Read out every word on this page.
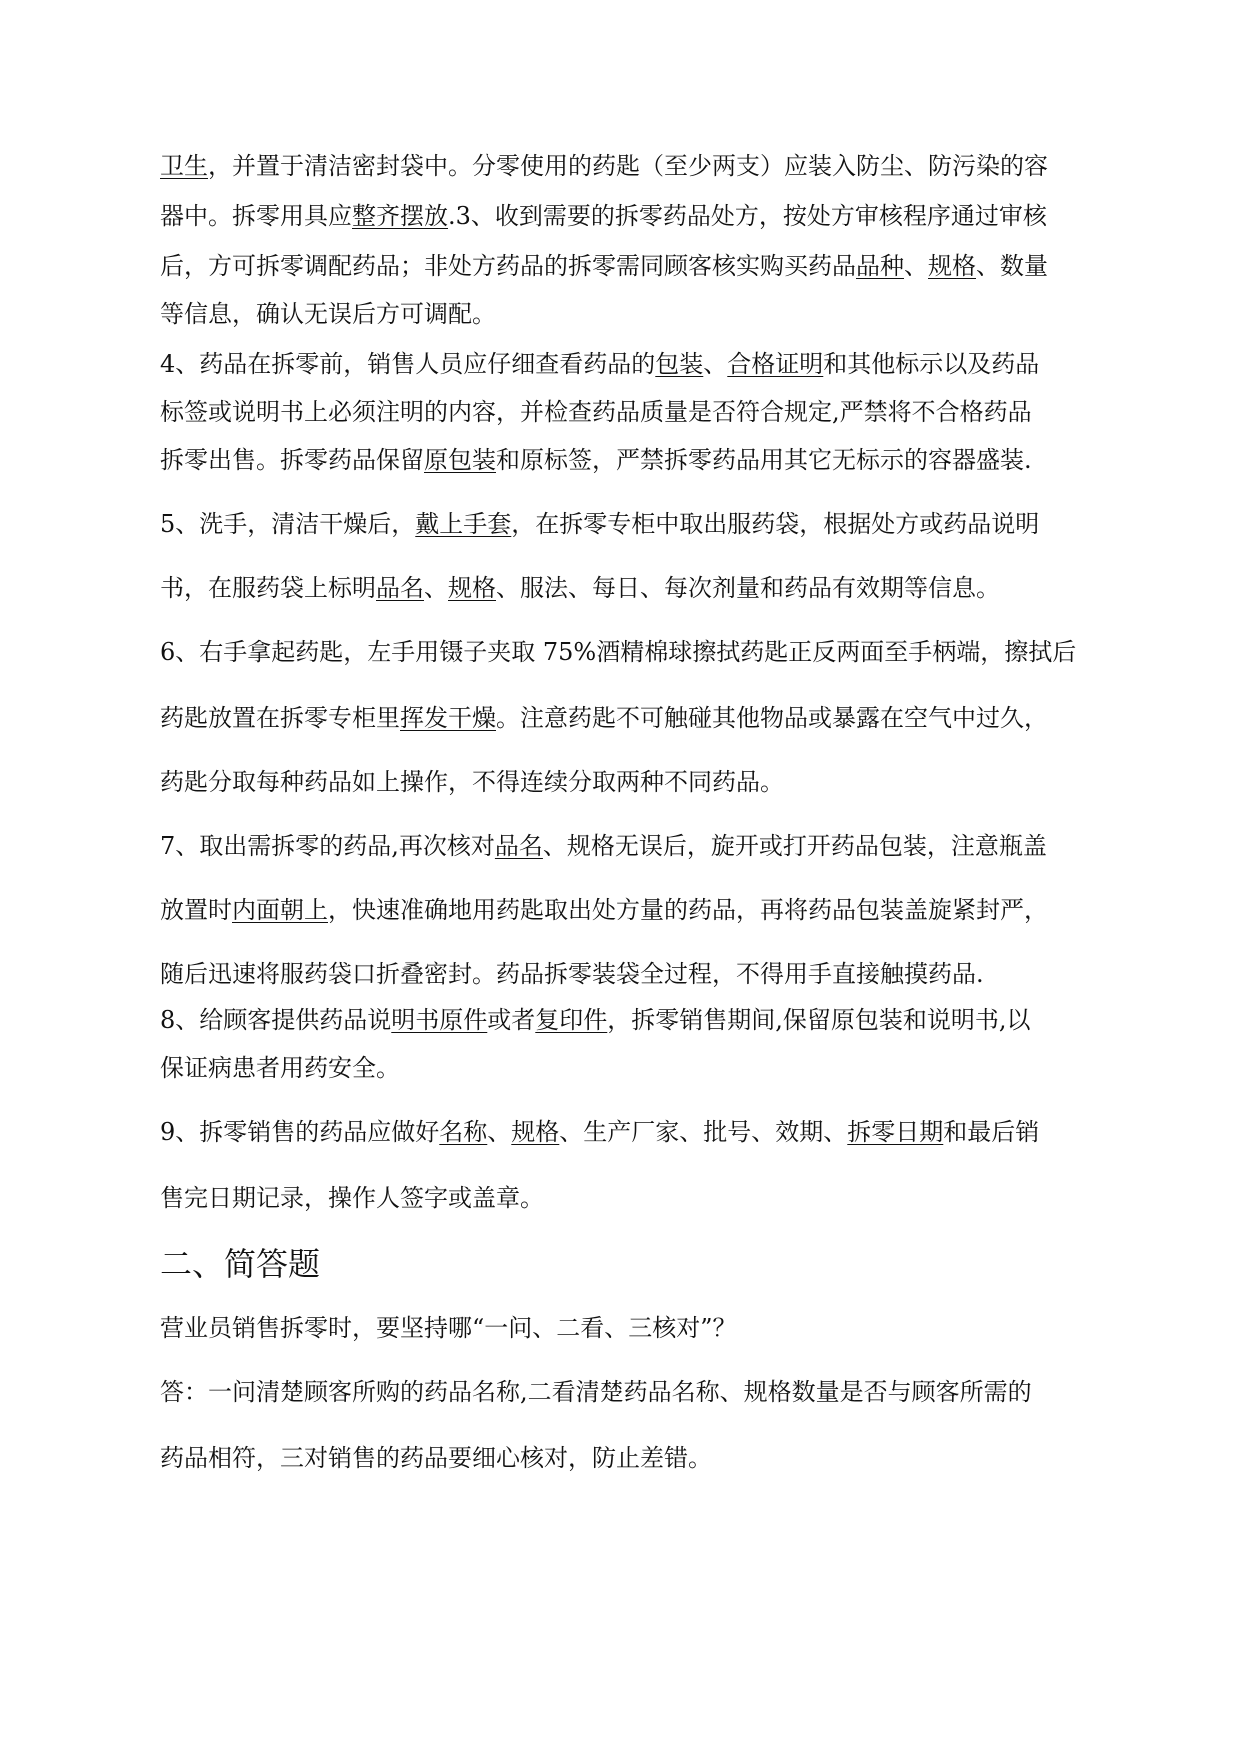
卫生，并置于清洁密封袋中。分零使用的药匙（至少两支）应装入防尘、防污染的容
器中。拆零用具应整齐摆放.3、收到需要的拆零药品处方，按处方审核程序通过审核
后，方可拆零调配药品；非处方药品的拆零需同顾客核实购买药品品种、规格、数量
等信息，确认无误后方可调配。
4、药品在拆零前，销售人员应仔细查看药品的包装、合格证明和其他标示以及药品
标签或说明书上必须注明的内容，并检查药品质量是否符合规定,严禁将不合格药品
拆零出售。拆零药品保留原包装和原标签，严禁拆零药品用其它无标示的容器盛装.
5、洗手，清洁干燥后，戴上手套，在拆零专柜中取出服药袋，根据处方或药品说明
书，在服药袋上标明品名、规格、服法、每日、每次剂量和药品有效期等信息。
6、右手拿起药匙，左手用镊子夹取 75%酒精棉球擦拭药匙正反两面至手柄端，擦拭后
药匙放置在拆零专柜里挥发干燥。注意药匙不可触碰其他物品或暴露在空气中过久，
药匙分取每种药品如上操作，不得连续分取两种不同药品。
7、取出需拆零的药品,再次核对品名、规格无误后，旋开或打开药品包装，注意瓶盖
放置时内面朝上，快速准确地用药匙取出处方量的药品，再将药品包装盖旋紧封严，
随后迅速将服药袋口折叠密封。药品拆零装袋全过程，不得用手直接触摸药品.
8、给顾客提供药品说明书原件或者复印件，拆零销售期间,保留原包装和说明书,以
保证病患者用药安全。
9、拆零销售的药品应做好名称、规格、生产厂家、批号、效期、拆零日期和最后销
售完日期记录，操作人签字或盖章。
二、简答题
营业员销售拆零时，要坚持哪“一问、二看、三核对”？
答：一问清楚顾客所购的药品名称,二看清楚药品名称、规格数量是否与顾客所需的
药品相符，三对销售的药品要细心核对，防止差错。
